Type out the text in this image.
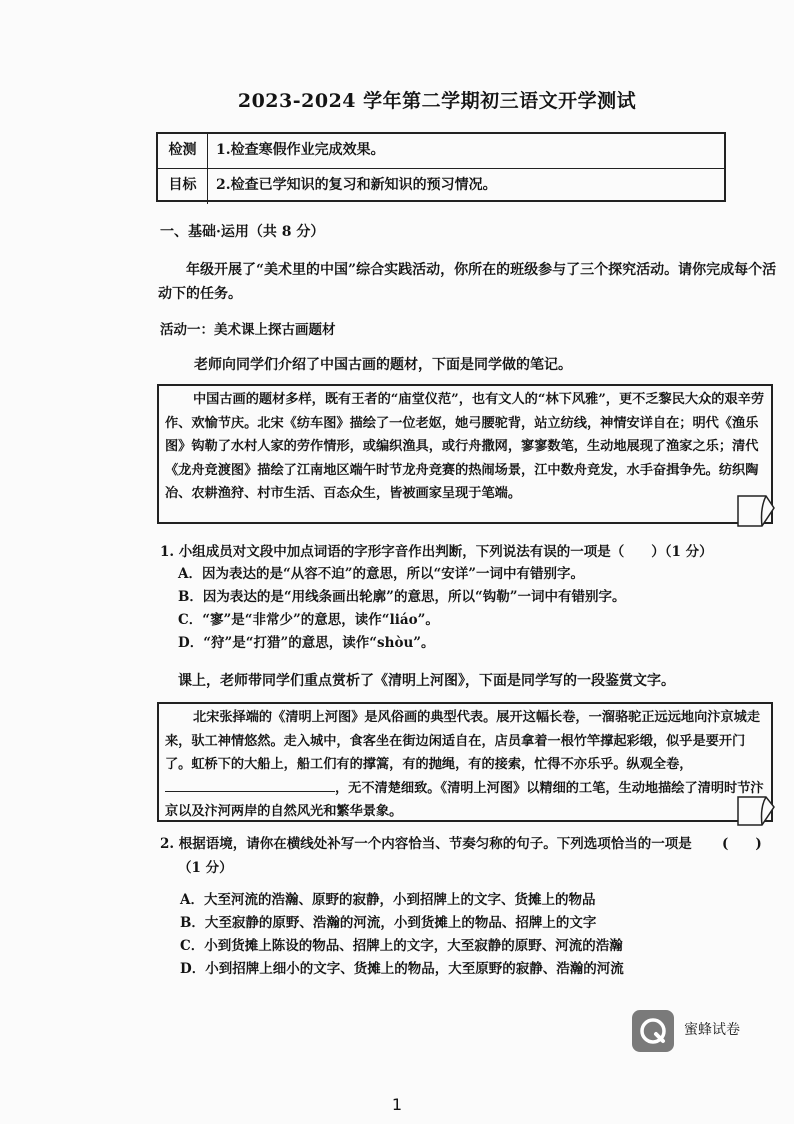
2023-2024 学年第二学期初三语文开学测试
检测	1.检查寒假作业完成效果。
目标	2.检查已学知识的复习和新知识的预习情况。
一、基础·运用（共 8 分）
年级开展了“美术里的中国”综合实践活动，你所在的班级参与了三个探究活动。请你完成每个活动下的任务。
活动一：美术课上探古画题材
老师向同学们介绍了中国古画的题材，下面是同学做的笔记。
中国古画的题材多样，既有王者的“庙堂仪范”，也有文人的“林下风雅”，更不乏黎民大众的艰辛劳作、欢愉节庆。北宋《纺车图》描绘了一位老妪，她弓腰驼背，站立纺线，神情安详自在；明代《渔乐图》钩勒了水村人家的劳作情形，或编织渔具，或行舟撒网，寥寥数笔，生动地展现了渔家之乐；清代《龙舟竞渡图》描绘了江南地区端午时节龙舟竞赛的热闹场景，江中数舟竞发，水手奋揖争先。纺织陶冶、农耕渔狩、村市生活、百态众生，皆被画家呈现于笔端。
1. 小组成员对文段中加点词语的字形字音作出判断，下列说法有误的一项是（　　）（1 分）
A．因为表达的是“从容不迫”的意思，所以“安详”一词中有错别字。
B．因为表达的是“用线条画出轮廓”的意思，所以“钩勒”一词中有错别字。
C．“寥”是“非常少”的意思，读作“liáo”。
D．“狩”是“打猎”的意思，读作“shòu”。
课上，老师带同学们重点赏析了《清明上河图》，下面是同学写的一段鉴赏文字。
北宋张择端的《清明上河图》是风俗画的典型代表。展开这幅长卷，一溜骆驼正远远地向汴京城走来，驮工神情悠然。走入城中，食客坐在街边闲适自在，店员拿着一根竹竿撑起彩缎，似乎是要开门了。虹桥下的大船上，船工们有的撑篙，有的抛绳，有的接索，忙得不亦乐乎。纵观全卷，，无不清楚细致。《清明上河图》以精细的工笔，生动地描绘了清明时节汴京以及汴河两岸的自然风光和繁华景象。
2. 根据语境，请你在横线处补写一个内容恰当、节奏匀称的句子。下列选项恰当的一项是 (　　)
（1 分）
A．大至河流的浩瀚、原野的寂静，小到招牌上的文字、货摊上的物品
B．大至寂静的原野、浩瀚的河流，小到货摊上的物品、招牌上的文字
C．小到货摊上陈设的物品、招牌上的文字，大至寂静的原野、河流的浩瀚
D．小到招牌上细小的文字、货摊上的物品，大至原野的寂静、浩瀚的河流
蜜蜂试卷
1
